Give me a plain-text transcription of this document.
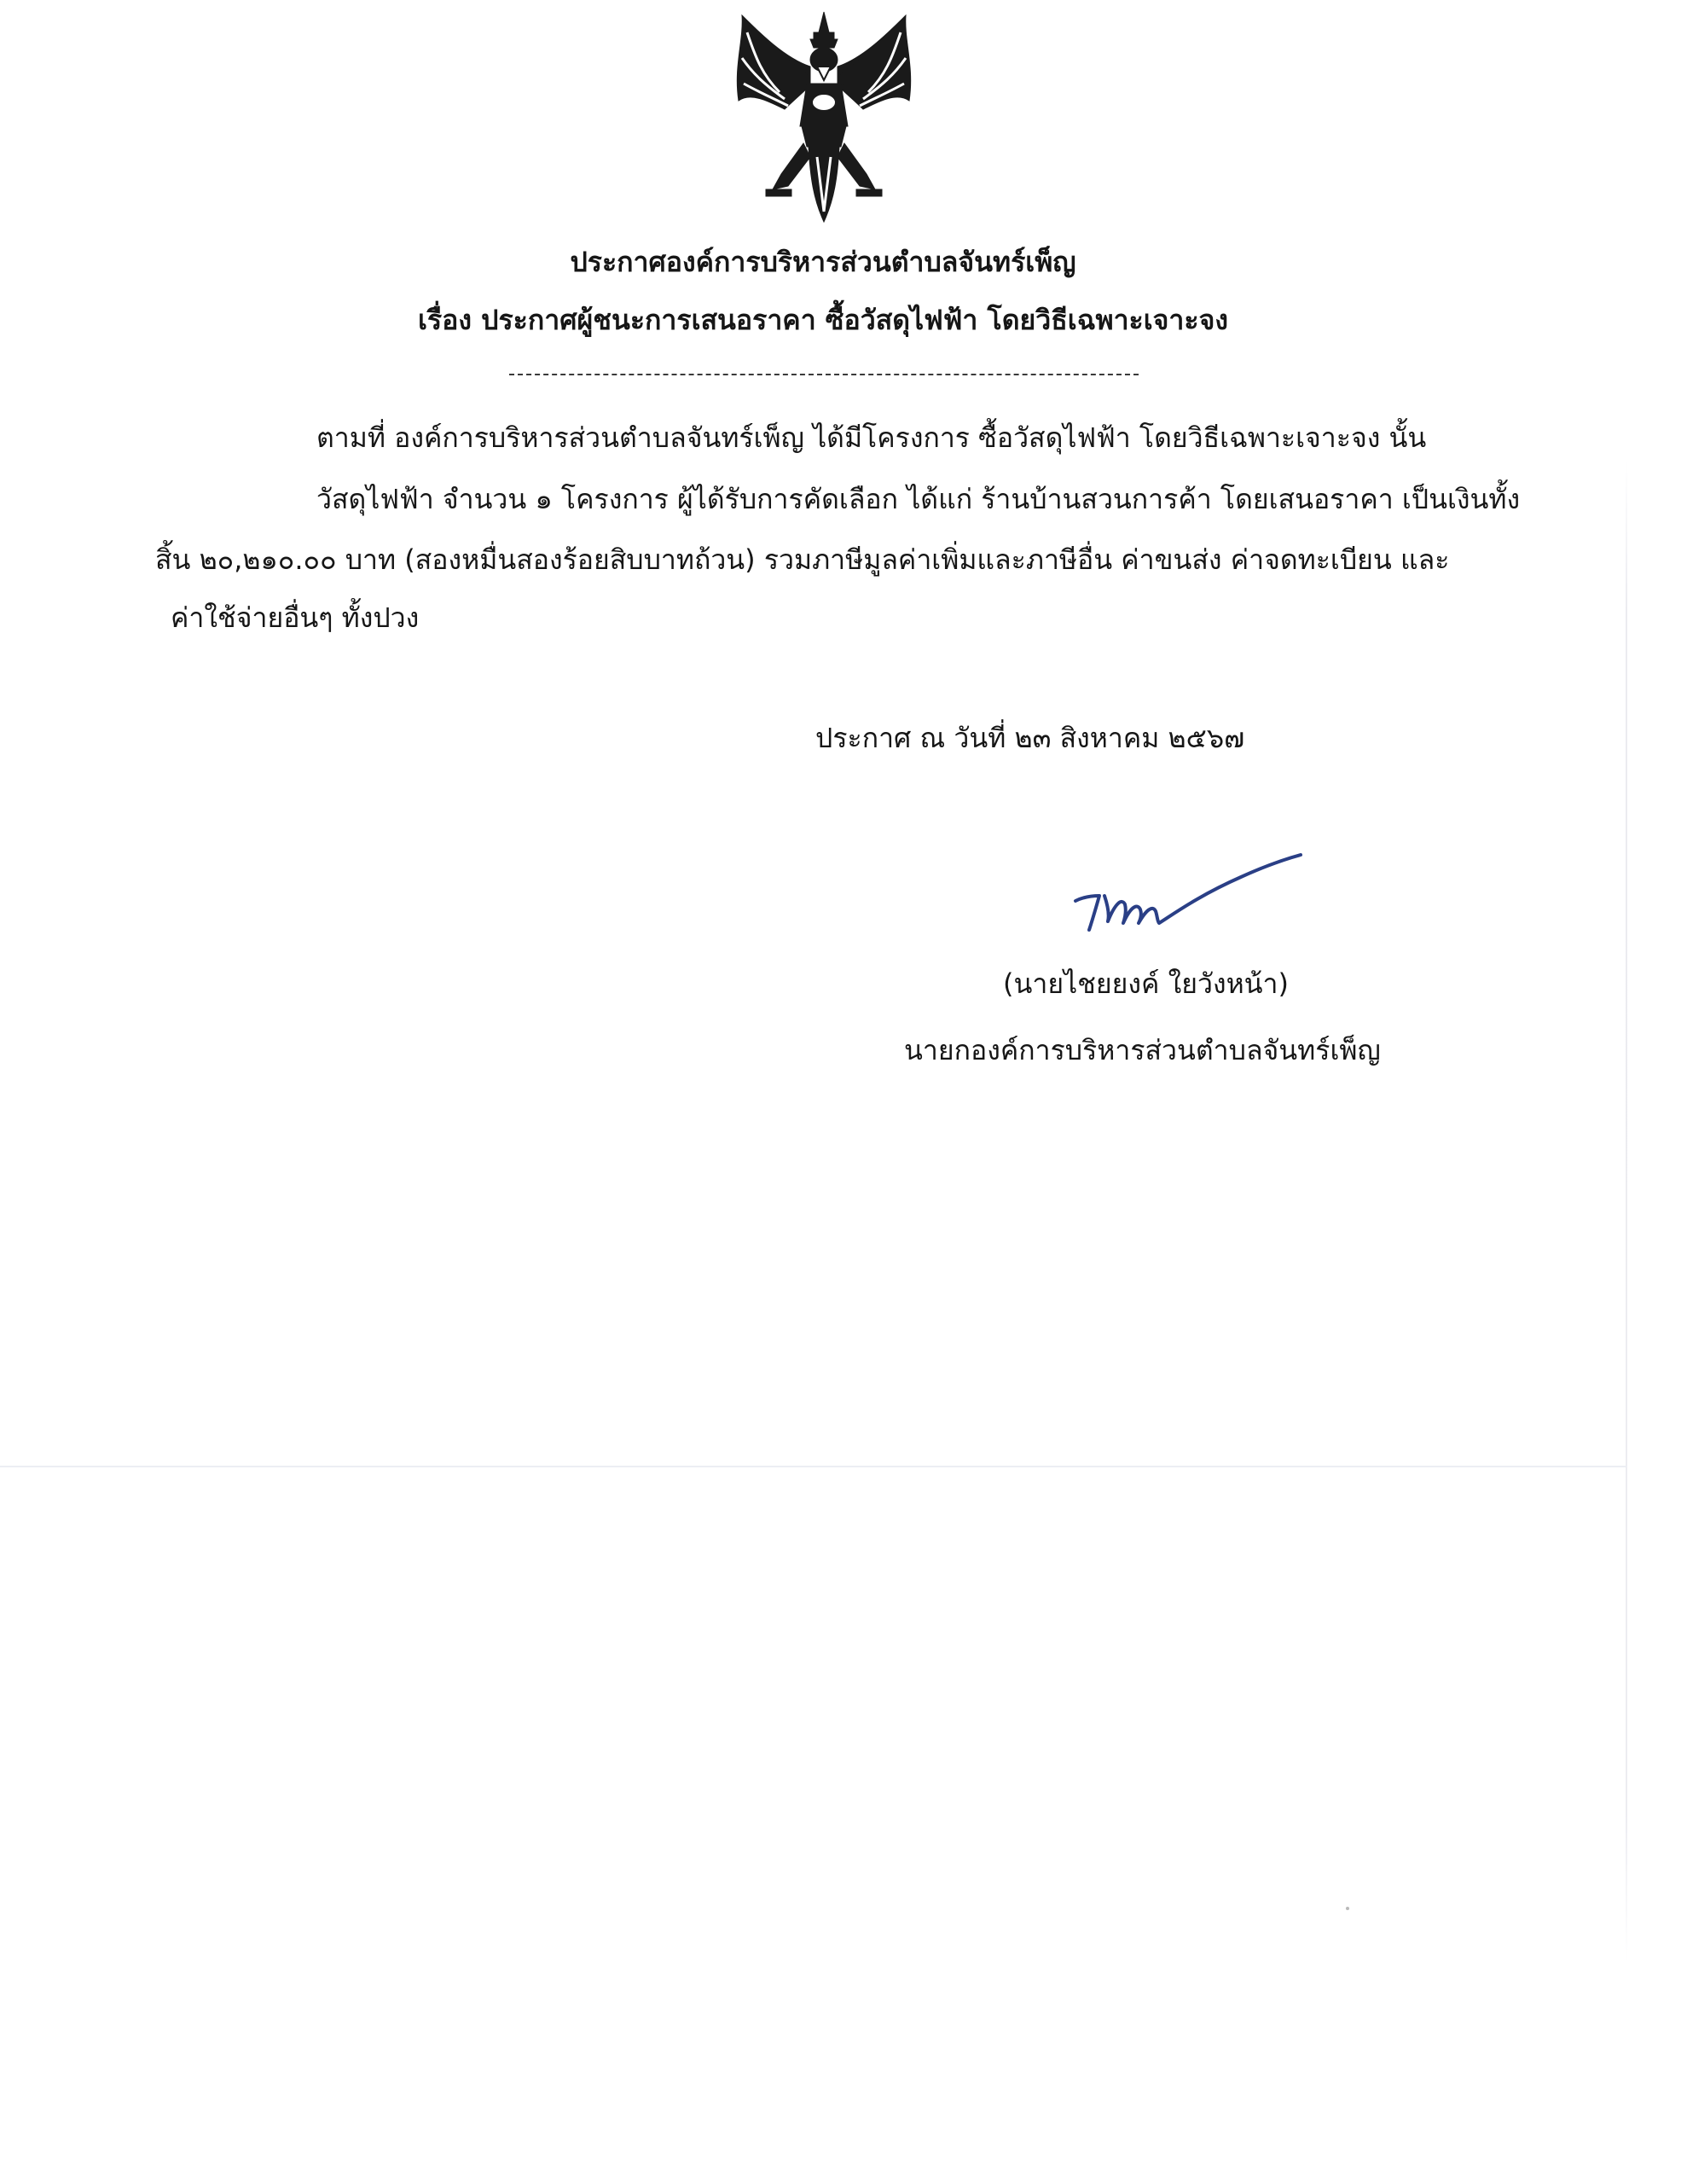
ประกาศองค์การบริหารส่วนตำบลจันทร์เพ็ญ
เรื่อง ประกาศผู้ชนะการเสนอราคา ซื้อวัสดุไฟฟ้า โดยวิธีเฉพาะเจาะจง
ตามที่ องค์การบริหารส่วนตำบลจันทร์เพ็ญ ได้มีโครงการ ซื้อวัสดุไฟฟ้า โดยวิธีเฉพาะเจาะจง นั้น
วัสดุไฟฟ้า จำนวน ๑ โครงการ ผู้ได้รับการคัดเลือก ได้แก่ ร้านบ้านสวนการค้า โดยเสนอราคา เป็นเงินทั้ง
สิ้น ๒๐,๒๑๐.๐๐ บาท (สองหมื่นสองร้อยสิบบาทถ้วน) รวมภาษีมูลค่าเพิ่มและภาษีอื่น ค่าขนส่ง ค่าจดทะเบียน และ
ค่าใช้จ่ายอื่นๆ ทั้งปวง
ประกาศ ณ วันที่ ๒๓ สิงหาคม ๒๕๖๗
(นายไชยยงค์ ใยวังหน้า)
นายกองค์การบริหารส่วนตำบลจันทร์เพ็ญ
